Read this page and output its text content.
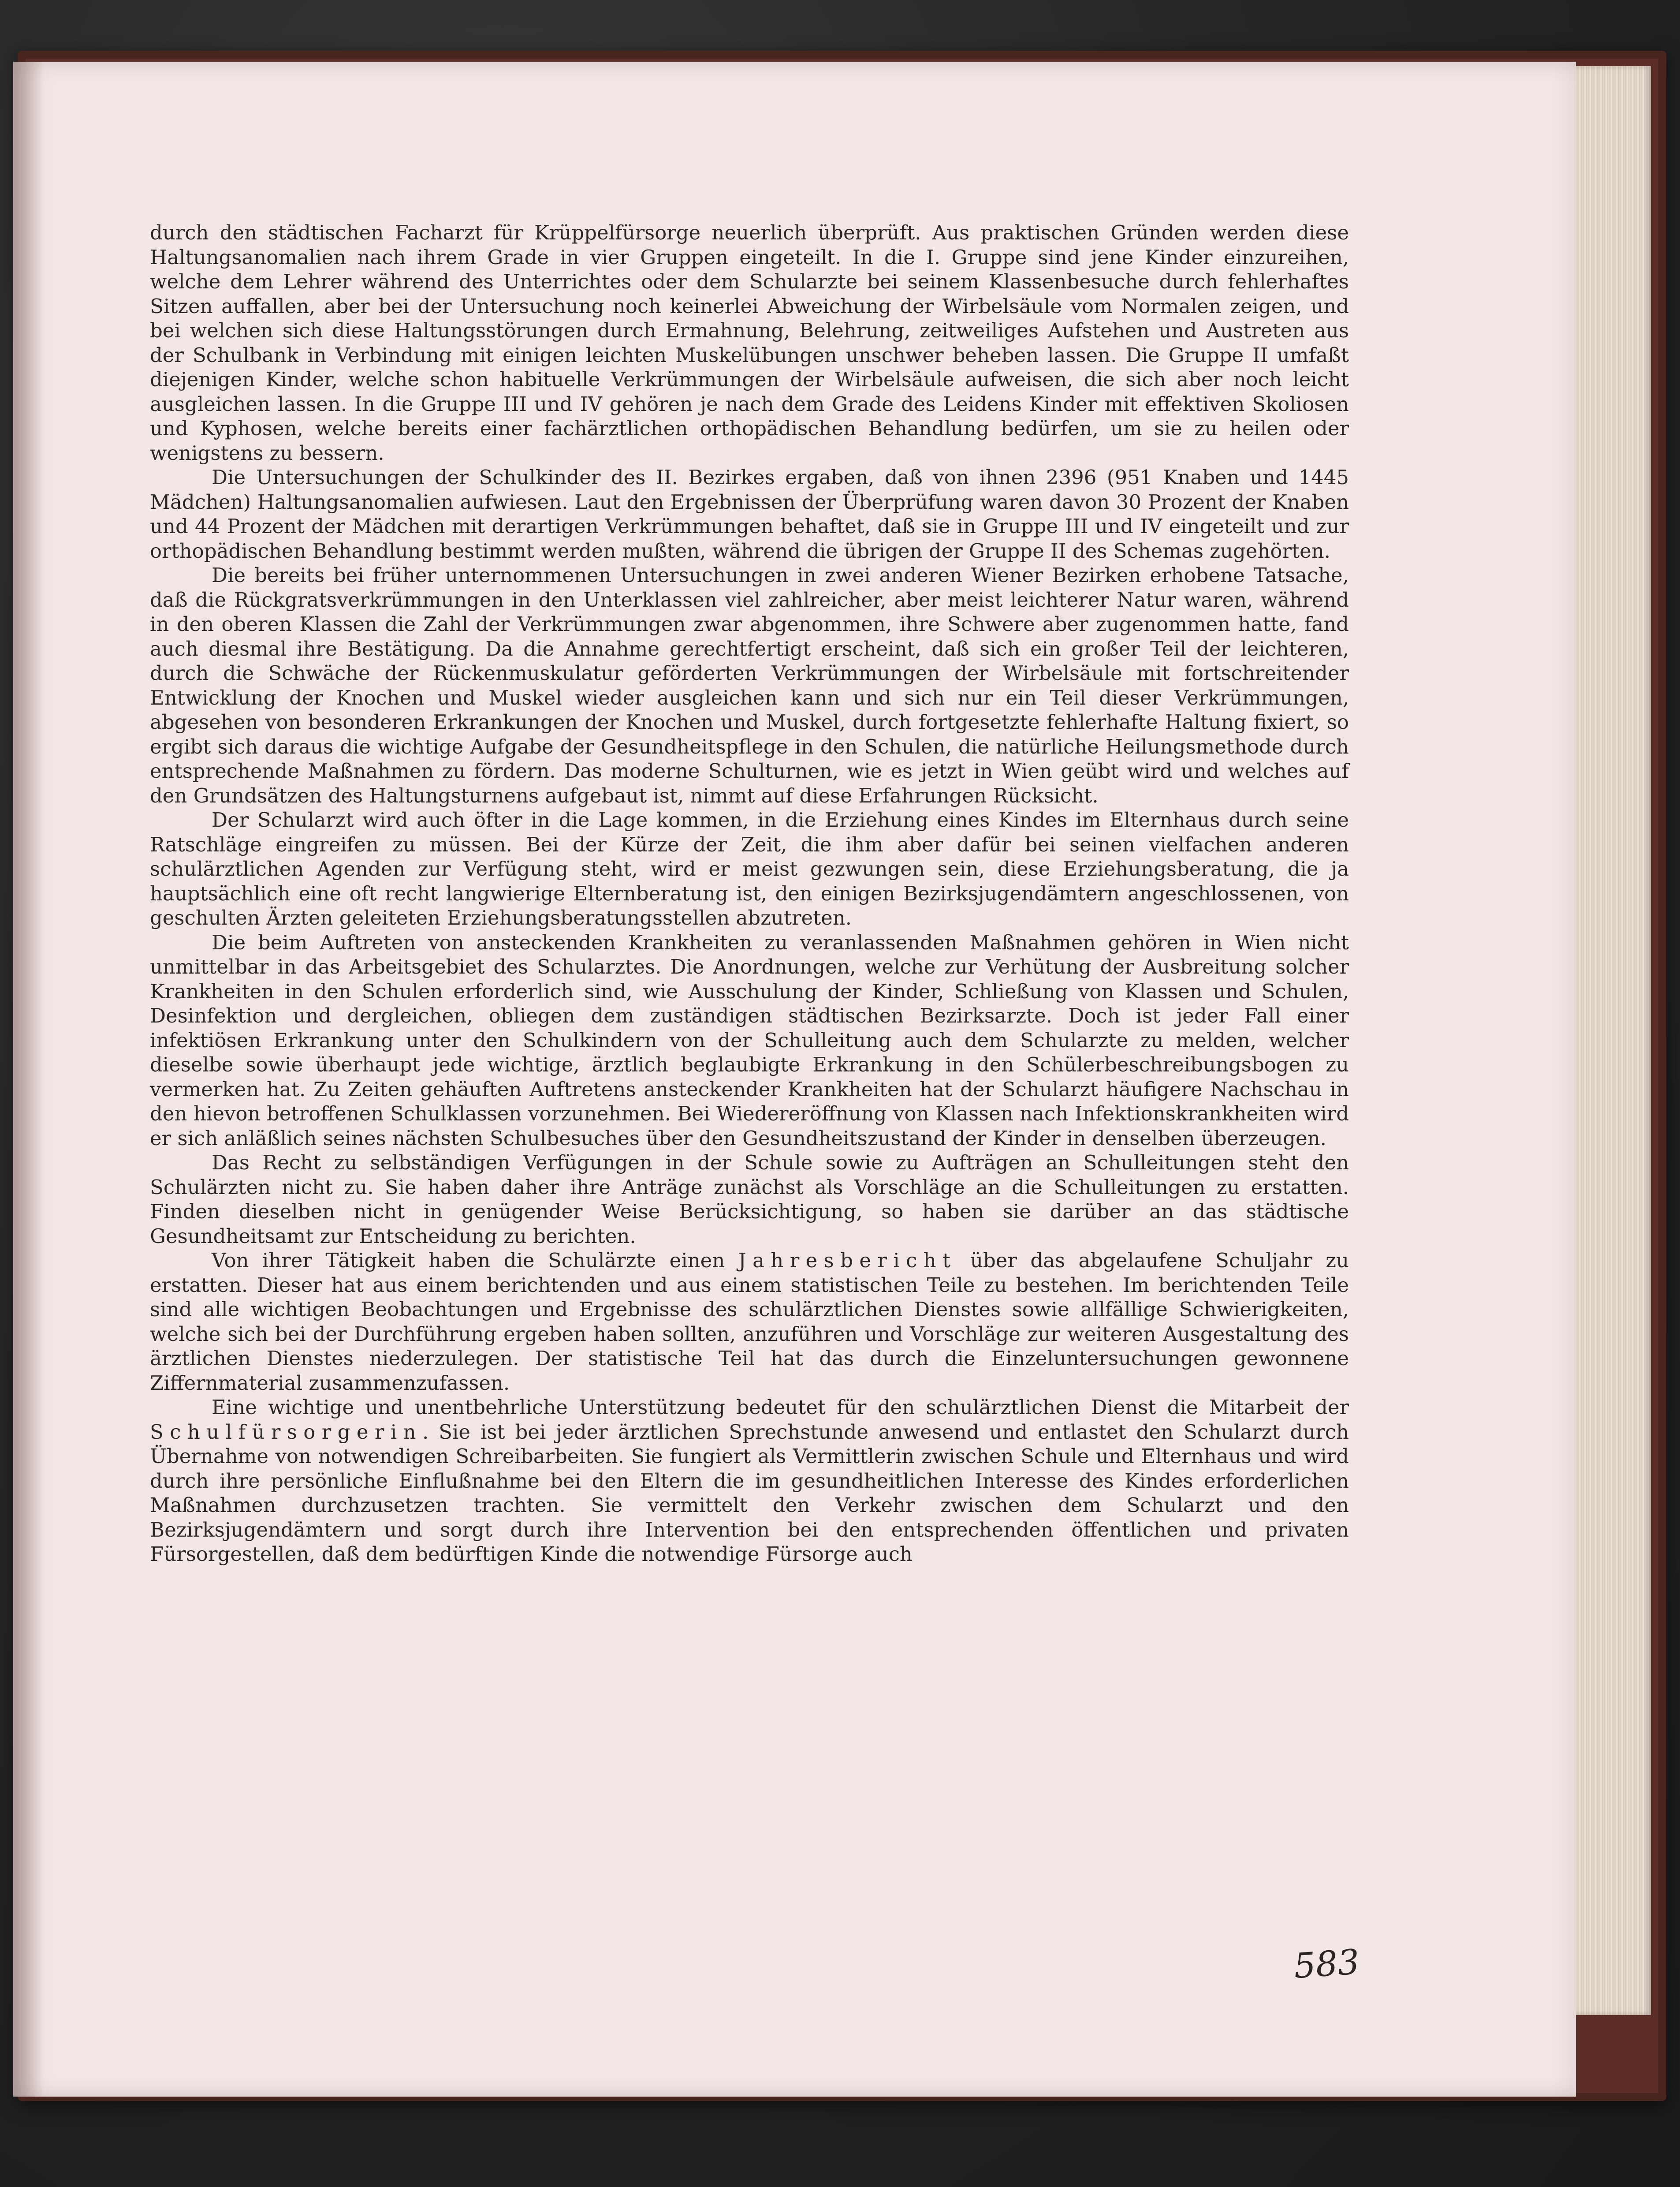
durch den städtischen Facharzt für Krüppelfürsorge neuerlich überprüft. Aus praktischen Gründen werden diese Haltungsanomalien nach ihrem Grade in vier Gruppen eingeteilt. In die I. Gruppe sind jene Kinder einzureihen, welche dem Lehrer während des Unterrichtes oder dem Schularzte bei seinem Klassenbesuche durch fehlerhaftes Sitzen auffallen, aber bei der Untersuchung noch keinerlei Abweichung der Wirbelsäule vom Normalen zeigen, und bei welchen sich diese Haltungsstörungen durch Ermahnung, Belehrung, zeitweiliges Aufstehen und Austreten aus der Schulbank in Verbindung mit einigen leichten Muskelübungen unschwer beheben lassen. Die Gruppe II umfaßt diejenigen Kinder, welche schon habituelle Verkrümmungen der Wirbelsäule aufweisen, die sich aber noch leicht ausgleichen lassen. In die Gruppe III und IV gehören je nach dem Grade des Leidens Kinder mit effektiven Skoliosen und Kyphosen, welche bereits einer fachärztlichen orthopädischen Behandlung bedürfen, um sie zu heilen oder wenigstens zu bessern.

Die Untersuchungen der Schulkinder des II. Bezirkes ergaben, daß von ihnen 2396 (951 Knaben und 1445 Mädchen) Haltungsanomalien aufwiesen. Laut den Ergebnissen der Überprüfung waren davon 30 Prozent der Knaben und 44 Prozent der Mädchen mit derartigen Verkrümmungen behaftet, daß sie in Gruppe III und IV eingeteilt und zur orthopädischen Behandlung bestimmt werden mußten, während die übrigen der Gruppe II des Schemas zugehörten.

Die bereits bei früher unternommenen Untersuchungen in zwei anderen Wiener Bezirken erhobene Tatsache, daß die Rückgratsverkrümmungen in den Unterklassen viel zahlreicher, aber meist leichterer Natur waren, während in den oberen Klassen die Zahl der Verkrümmungen zwar abgenommen, ihre Schwere aber zugenommen hatte, fand auch diesmal ihre Bestätigung. Da die Annahme gerechtfertigt erscheint, daß sich ein großer Teil der leichteren, durch die Schwäche der Rückenmuskulatur geförderten Verkrümmungen der Wirbelsäule mit fortschreitender Entwicklung der Knochen und Muskel wieder ausgleichen kann und sich nur ein Teil dieser Verkrümmungen, abgesehen von besonderen Erkrankungen der Knochen und Muskel, durch fortgesetzte fehlerhafte Haltung fixiert, so ergibt sich daraus die wichtige Aufgabe der Gesundheitspflege in den Schulen, die natürliche Heilungsmethode durch entsprechende Maßnahmen zu fördern. Das moderne Schulturnen, wie es jetzt in Wien geübt wird und welches auf den Grundsätzen des Haltungsturnens aufgebaut ist, nimmt auf diese Erfahrungen Rücksicht.

Der Schularzt wird auch öfter in die Lage kommen, in die Erziehung eines Kindes im Elternhaus durch seine Ratschläge eingreifen zu müssen. Bei der Kürze der Zeit, die ihm aber dafür bei seinen vielfachen anderen schulärztlichen Agenden zur Verfügung steht, wird er meist gezwungen sein, diese Erziehungsberatung, die ja hauptsächlich eine oft recht langwierige Elternberatung ist, den einigen Bezirksjugendämtern angeschlossenen, von geschulten Ärzten geleiteten Erziehungsberatungsstellen abzutreten.

Die beim Auftreten von ansteckenden Krankheiten zu veranlassenden Maßnahmen gehören in Wien nicht unmittelbar in das Arbeitsgebiet des Schularztes. Die Anordnungen, welche zur Verhütung der Ausbreitung solcher Krankheiten in den Schulen erforderlich sind, wie Ausschulung der Kinder, Schließung von Klassen und Schulen, Desinfektion und dergleichen, obliegen dem zuständigen städtischen Bezirksarzte. Doch ist jeder Fall einer infektiösen Erkrankung unter den Schulkindern von der Schulleitung auch dem Schularzte zu melden, welcher dieselbe sowie überhaupt jede wichtige, ärztlich beglaubigte Erkrankung in den Schülerbeschreibungsbogen zu vermerken hat. Zu Zeiten gehäuften Auftretens ansteckender Krankheiten hat der Schularzt häufigere Nachschau in den hievon betroffenen Schulklassen vorzunehmen. Bei Wiedereröffnung von Klassen nach Infektionskrankheiten wird er sich anläßlich seines nächsten Schulbesuches über den Gesundheitszustand der Kinder in denselben überzeugen.

Das Recht zu selbständigen Verfügungen in der Schule sowie zu Aufträgen an Schulleitungen steht den Schulärzten nicht zu. Sie haben daher ihre Anträge zunächst als Vorschläge an die Schulleitungen zu erstatten. Finden dieselben nicht in genügender Weise Berücksichtigung, so haben sie darüber an das städtische Gesundheitsamt zur Entscheidung zu berichten.

Von ihrer Tätigkeit haben die Schulärzte einen Jahresbericht über das abgelaufene Schuljahr zu erstatten. Dieser hat aus einem berichtenden und aus einem statistischen Teile zu bestehen. Im berichtenden Teile sind alle wichtigen Beobachtungen und Ergebnisse des schulärztlichen Dienstes sowie allfällige Schwierigkeiten, welche sich bei der Durchführung ergeben haben sollten, anzuführen und Vorschläge zur weiteren Ausgestaltung des ärztlichen Dienstes niederzulegen. Der statistische Teil hat das durch die Einzeluntersuchungen gewonnene Ziffernmaterial zusammenzufassen.

Eine wichtige und unentbehrliche Unterstützung bedeutet für den schulärztlichen Dienst die Mitarbeit der Schulfürsorgerin. Sie ist bei jeder ärztlichen Sprechstunde anwesend und entlastet den Schularzt durch Übernahme von notwendigen Schreibarbeiten. Sie fungiert als Vermittlerin zwischen Schule und Elternhaus und wird durch ihre persönliche Einflußnahme bei den Eltern die im gesundheitlichen Interesse des Kindes erforderlichen Maßnahmen durchzusetzen trachten. Sie vermittelt den Verkehr zwischen dem Schularzt und den Bezirksjugendämtern und sorgt durch ihre Intervention bei den entsprechenden öffentlichen und privaten Fürsorgestellen, daß dem bedürftigen Kinde die notwendige Fürsorge auch

583
